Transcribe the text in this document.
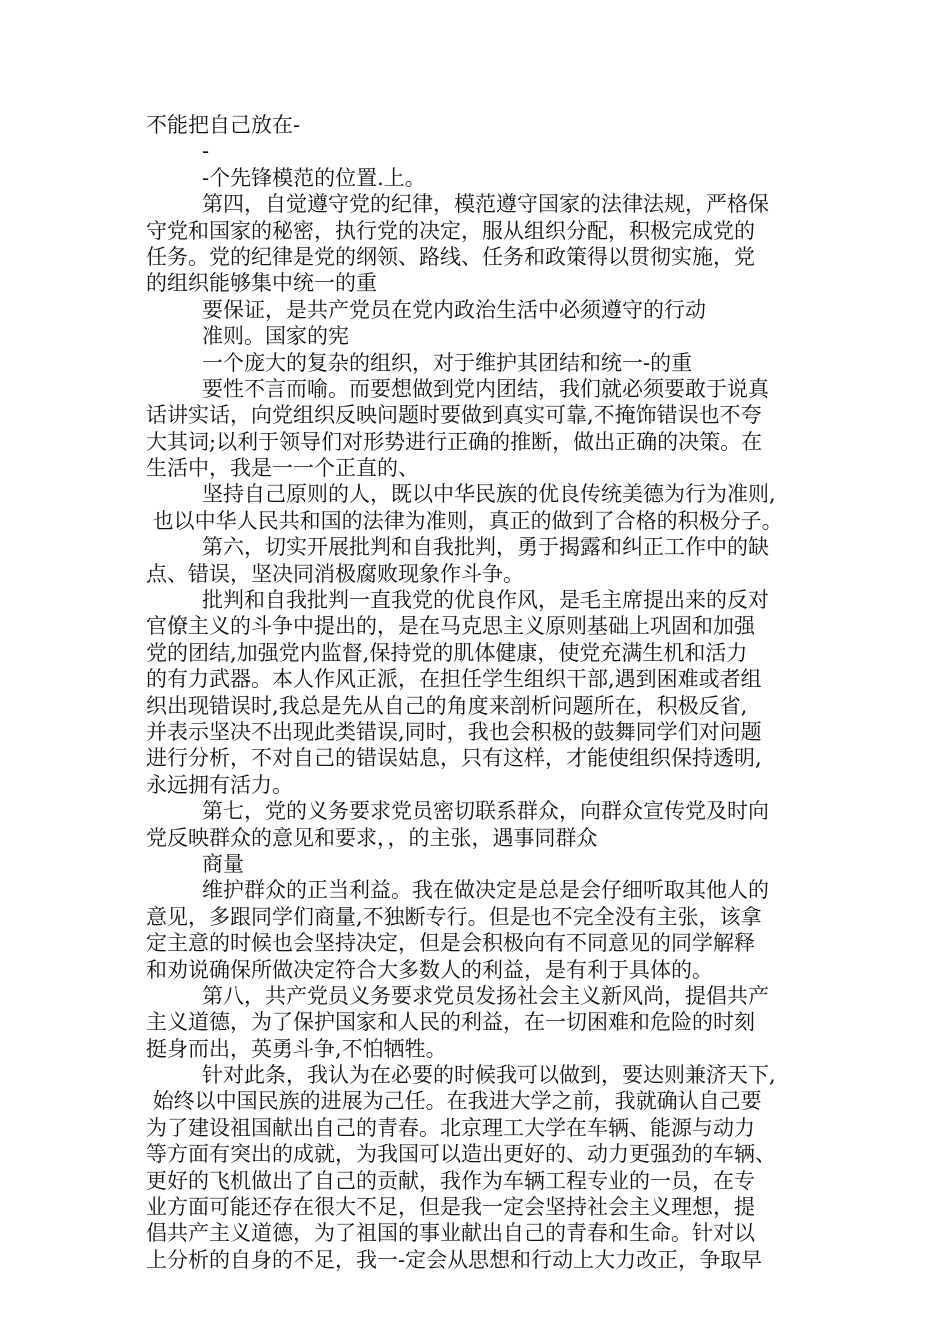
不能把自己放在-
-
-个先锋模范的位置.上。
第四，自觉遵守党的纪律，模范遵守国家的法律法规，严格保
守党和国家的秘密，执行党的决定，服从组织分配，积极完成党的
任务。党的纪律是党的纲领、路线、任务和政策得以贯彻实施，党
的组织能够集中统一的重
要保证，是共产党员在党内政治生活中必须遵守的行动
准则。国家的宪
一个庞大的复杂的组织，对于维护其团结和统一-的重
要性不言而喻。而要想做到党内团结，我们就必须要敢于说真
话讲实话，向党组织反映问题时要做到真实可靠,不掩饰错误也不夸
大其词;以利于领导们对形势进行正确的推断，做出正确的决策。在
生活中，我是一一个正直的、
坚持自己原则的人，既以中华民族的优良传统美德为行为准则,
也以中华人民共和国的法律为准则，真正的做到了合格的积极分子。
第六，切实开展批判和自我批判，勇于揭露和纠正工作中的缺
点、错误，坚决同消极腐败现象作斗争。
批判和自我批判一直我党的优良作风，是毛主席提出来的反对
官僚主义的斗争中提出的，是在马克思主义原则基础上巩固和加强
党的团结,加强党内监督,保持党的肌体健康，使党充满生机和活力
的有力武器。本人作风正派，在担任学生组织干部,遇到困难或者组
织出现错误时,我总是先从自己的角度来剖析问题所在，积极反省,
并表示坚决不出现此类错误,同时，我也会积极的鼓舞同学们对问题
进行分析，不对自己的错误姑息，只有这样，才能使组织保持透明,
永远拥有活力。
第七，党的义务要求党员密切联系群众，向群众宣传党及时向
党反映群众的意见和要求，，的主张，遇事同群众
商量
维护群众的正当利益。我在做决定是总是会仔细听取其他人的
意见，多跟同学们商量,不独断专行。但是也不完全没有主张，该拿
定主意的时候也会坚持决定，但是会积极向有不同意见的同学解释
和劝说确保所做决定符合大多数人的利益，是有利于具体的。
第八，共产党员义务要求党员发扬社会主义新风尚，提倡共产
主义道德，为了保护国家和人民的利益，在一切困难和危险的时刻
挺身而出，英勇斗争,不怕牺牲。
针对此条，我认为在必要的时候我可以做到，要达则兼济天下,
始终以中国民族的进展为己任。在我进大学之前，我就确认自己要
为了建设祖国献出自己的青春。北京理工大学在车辆、能源与动力
等方面有突出的成就，为我国可以造出更好的、动力更强劲的车辆、
更好的飞机做出了自己的贡献，我作为车辆工程专业的一员，在专
业方面可能还存在很大不足，但是我一定会坚持社会主义理想，提
倡共产主义道德，为了祖国的事业献出自己的青春和生命。针对以
上分析的自身的不足，我一-定会从思想和行动上大力改正，争取早
